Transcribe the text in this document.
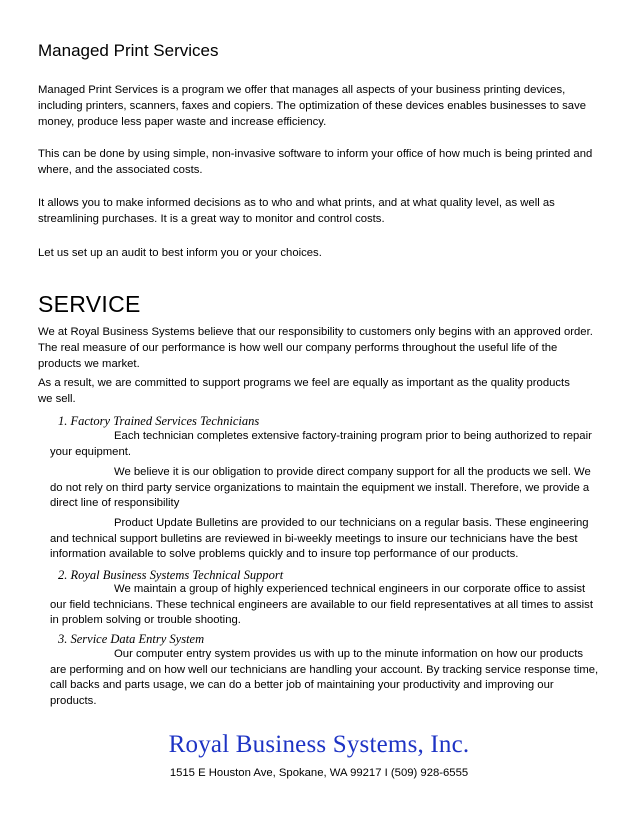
Managed Print Services

Managed Print Services is a program we offer that manages all aspects of your business printing devices, including printers, scanners, faxes and copiers. The optimization of these devices enables businesses to save money, produce less paper waste and increase efficiency.

This can be done by using simple, non-invasive software to inform your office of how much is being printed and where, and the associated costs.

It allows you to make informed decisions as to who and what prints, and at what quality level, as well as streamlining purchases. It is a great way to monitor and control costs.

Let us set up an audit to best inform you or your choices.

SERVICE

We at Royal Business Systems believe that our responsibility to customers only begins with an approved order. The real measure of our performance is how well our company performs throughout the useful life of the products we market.

As a result, we are committed to support programs we feel are equally as important as the quality products we sell.

1. Factory Trained Services Technicians

Each technician completes extensive factory-training program prior to being authorized to repair your equipment.

We believe it is our obligation to provide direct company support for all the products we sell. We do not rely on third party service organizations to maintain the equipment we install. Therefore, we provide a direct line of responsibility

Product Update Bulletins are provided to our technicians on a regular basis. These engineering and technical support bulletins are reviewed in bi-weekly meetings to insure our technicians have the best information available to solve problems quickly and to insure top performance of our products.

2. Royal Business Systems Technical Support

We maintain a group of highly experienced technical engineers in our corporate office to assist our field technicians. These technical engineers are available to our field representatives at all times to assist in problem solving or trouble shooting.

3. Service Data Entry System

Our computer entry system provides us with up to the minute information on how our products are performing and on how well our technicians are handling your account. By tracking service response time, call backs and parts usage, we can do a better job of maintaining your productivity and improving our products.

Royal Business Systems, Inc.
1515 E Houston Ave, Spokane, WA 99217 I (509) 928-6555
